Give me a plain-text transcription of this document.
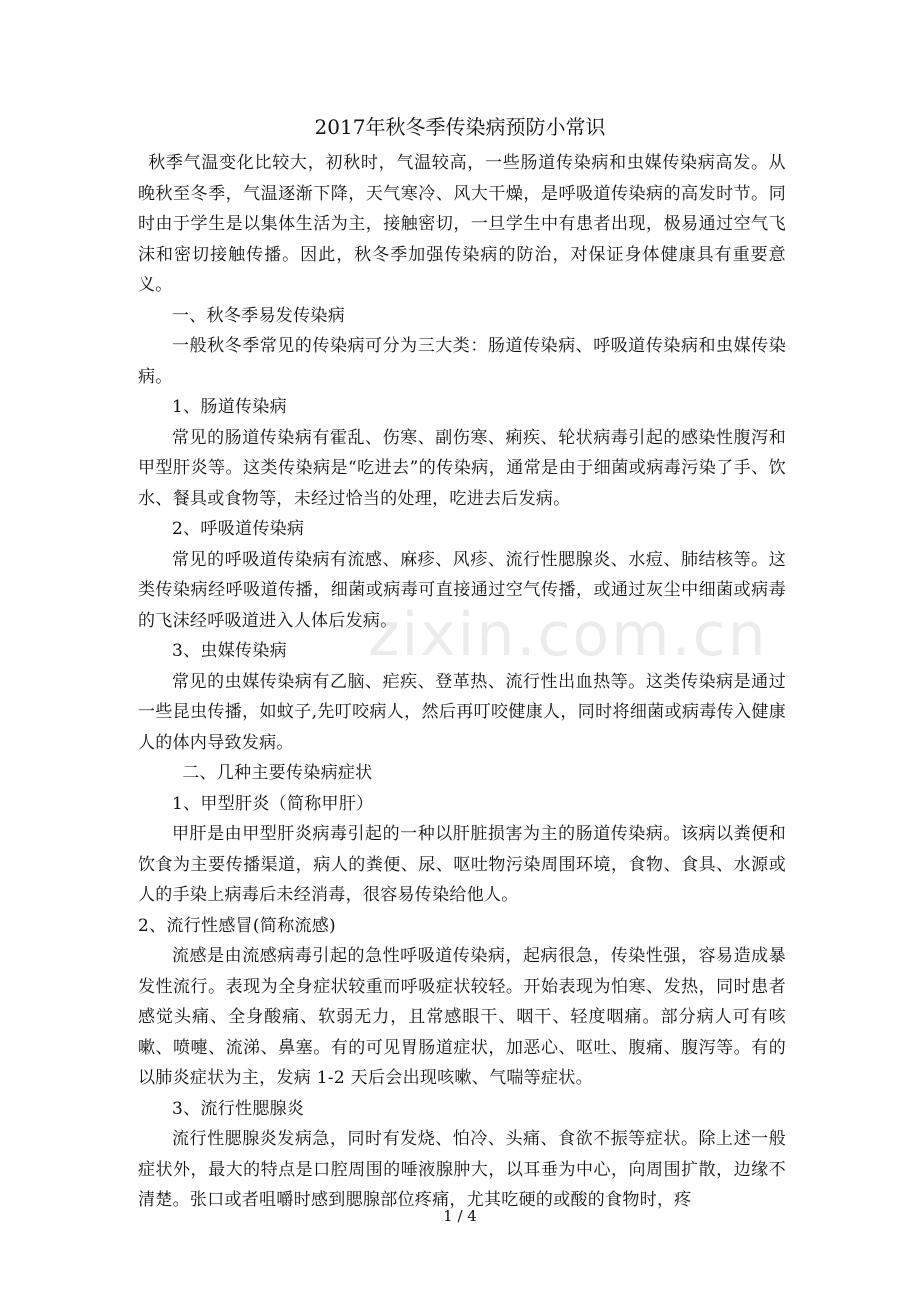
2017年秋冬季传染病预防小常识

秋季气温变化比较大，初秋时，气温较高，一些肠道传染病和虫媒传染病高发。从晚秋至冬季，气温逐渐下降，天气寒冷、风大干燥，是呼吸道传染病的高发时节。同时由于学生是以集体生活为主，接触密切，一旦学生中有患者出现，极易通过空气飞沫和密切接触传播。因此，秋冬季加强传染病的防治，对保证身体健康具有重要意义。

一、秋冬季易发传染病

一般秋冬季常见的传染病可分为三大类：肠道传染病、呼吸道传染病和虫媒传染病。

1、肠道传染病

常见的肠道传染病有霍乱、伤寒、副伤寒、痢疾、轮状病毒引起的感染性腹泻和甲型肝炎等。这类传染病是“吃进去”的传染病，通常是由于细菌或病毒污染了手、饮水、餐具或食物等，未经过恰当的处理，吃进去后发病。

2、呼吸道传染病

常见的呼吸道传染病有流感、麻疹、风疹、流行性腮腺炎、水痘、肺结核等。这类传染病经呼吸道传播，细菌或病毒可直接通过空气传播，或通过灰尘中细菌或病毒的飞沫经呼吸道进入人体后发病。

3、虫媒传染病

常见的虫媒传染病有乙脑、疟疾、登革热、流行性出血热等。这类传染病是通过一些昆虫传播，如蚊子,先叮咬病人，然后再叮咬健康人，同时将细菌或病毒传入健康人的体内导致发病。

二、几种主要传染病症状

1、甲型肝炎（简称甲肝）

甲肝是由甲型肝炎病毒引起的一种以肝脏损害为主的肠道传染病。该病以粪便和饮食为主要传播渠道，病人的粪便、尿、呕吐物污染周围环境，食物、食具、水源或人的手染上病毒后未经消毒，很容易传染给他人。

2、流行性感冒(简称流感)

流感是由流感病毒引起的急性呼吸道传染病，起病很急，传染性强，容易造成暴发性流行。表现为全身症状较重而呼吸症状较轻。开始表现为怕寒、发热，同时患者感觉头痛、全身酸痛、软弱无力，且常感眼干、咽干、轻度咽痛。部分病人可有咳嗽、喷嚏、流涕、鼻塞。有的可见胃肠道症状，加恶心、呕吐、腹痛、腹泻等。有的以肺炎症状为主，发病 1-2 天后会出现咳嗽、气喘等症状。

3、流行性腮腺炎

流行性腮腺炎发病急，同时有发烧、怕冷、头痛、食欲不振等症状。除上述一般症状外，最大的特点是口腔周围的唾液腺肿大，以耳垂为中心，向周围扩散，边缘不清楚。张口或者咀嚼时感到腮腺部位疼痛，尤其吃硬的或酸的食物时，疼

zixin.com.cn
1 / 4
